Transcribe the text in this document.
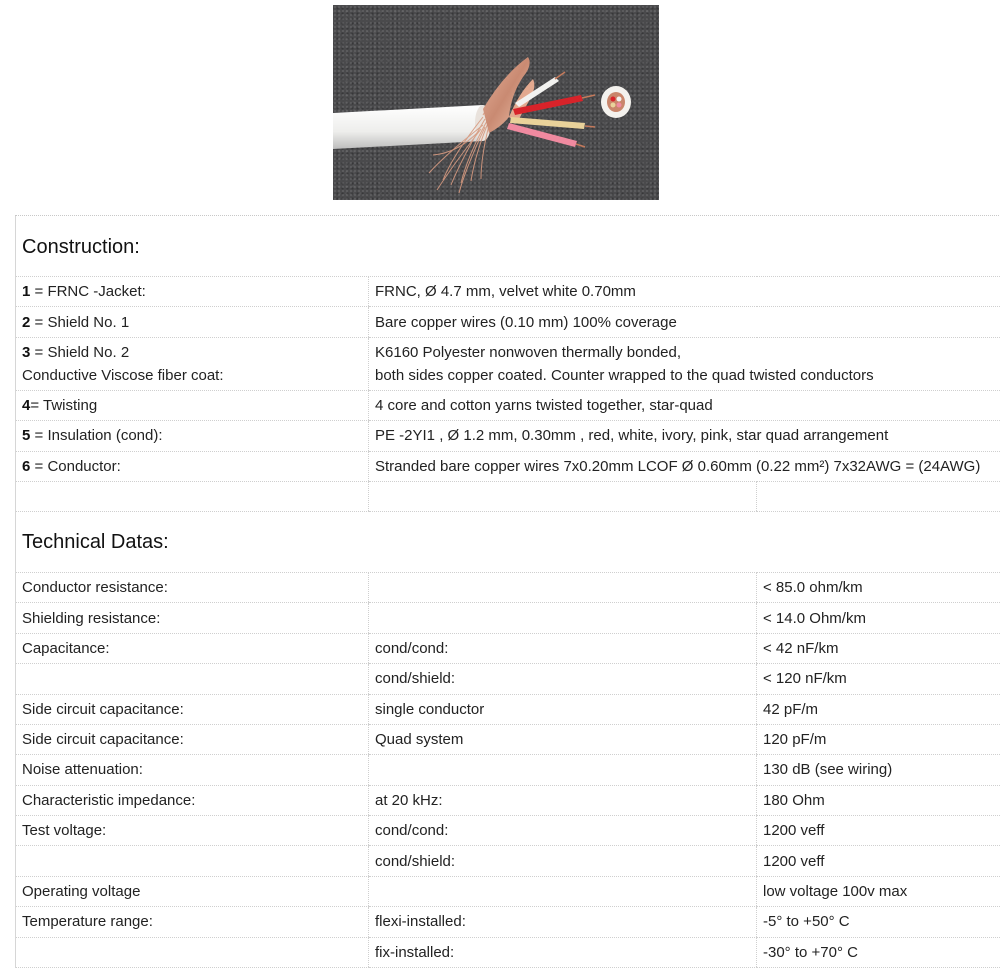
Construction:		
1 = FRNC -Jacket:	FRNC, Ø 4.7 mm, velvet white 0.70mm	
2 = Shield No. 1	Bare copper wires (0.10 mm) 100% coverage	

3 = Shield No. 2
Conductive Viscose fiber coat:	K6160 Polyester nonwoven thermally bonded,
both sides copper coated. Counter wrapped to the quad twisted conductors	

4= Twisting	4 core and cotton yarns twisted together, star-quad	
5 = Insulation (cond):	PE -2YI1 , Ø 1.2 mm, 0.30mm , red, white, ivory, pink, star quad arrangement	
6 = Conductor:	Stranded bare copper wires 7x0.20mm LCOF Ø 0.60mm (0.22 mm²) 7x32AWG = (24AWG)	

Technical Datas:		
Conductor resistance:		< 85.0 ohm/km
Shielding resistance:		< 14.0 Ohm/km
Capacitance:	cond/cond:	< 42 nF/km
	cond/shield:	< 120 nF/km
Side circuit capacitance:	single conductor	42 pF/m
Side circuit capacitance:	Quad system	120 pF/m
Noise attenuation:		130 dB (see wiring)
Characteristic impedance:	at 20 kHz:	180 Ohm
Test voltage:	cond/cond:	1200 veff
	cond/shield:	1200 veff
Operating voltage		low voltage 100v max
Temperature range:	flexi-installed:	-5° to +50° C
	fix-installed:	-30° to +70° C
